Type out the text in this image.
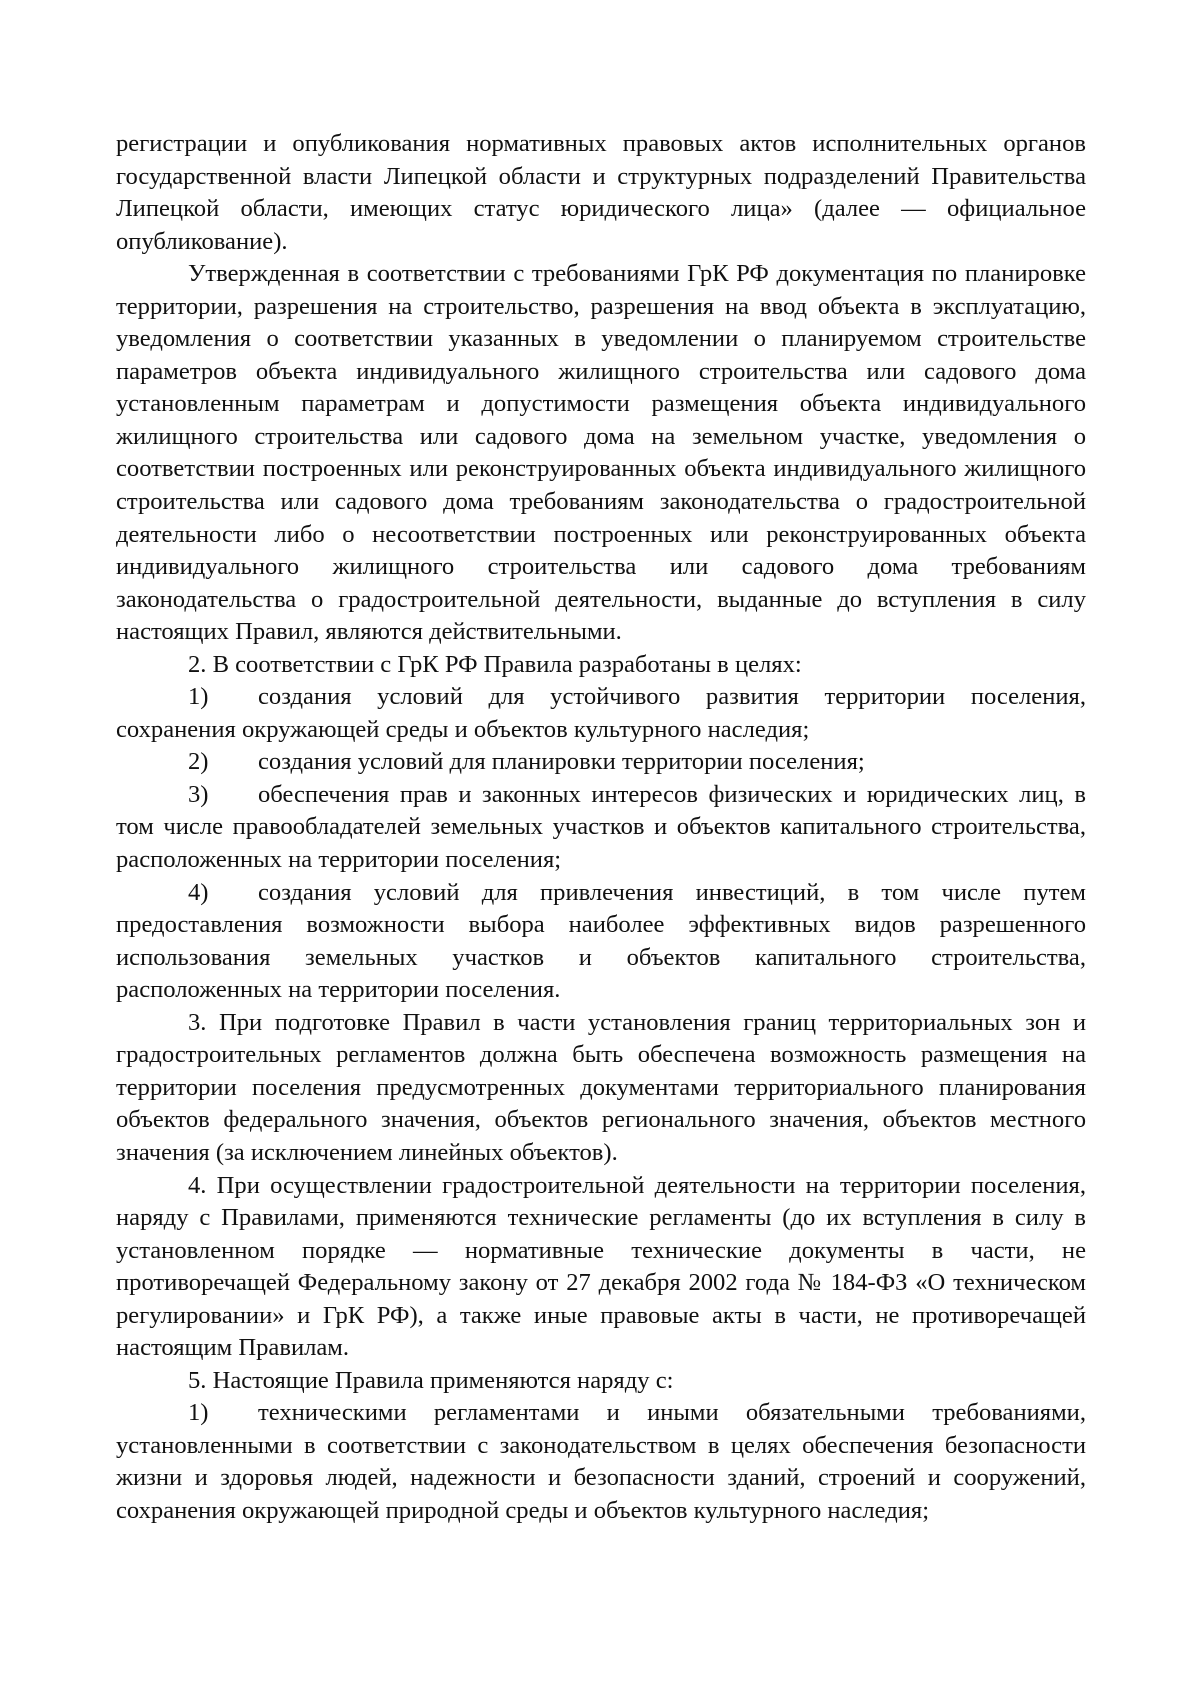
регистрации и опубликования нормативных правовых актов исполнительных органов государственной власти Липецкой области и структурных подразделений Правительства Липецкой области, имеющих статус юридического лица» (далее — официальное опубликование).

Утвержденная в соответствии с требованиями ГрК РФ документация по планировке территории, разрешения на строительство, разрешения на ввод объекта в эксплуатацию, уведомления о соответствии указанных в уведомлении о планируемом строительстве параметров объекта индивидуального жилищного строительства или садового дома установленным параметрам и допустимости размещения объекта индивидуального жилищного строительства или садового дома на земельном участке, уведомления о соответствии построенных или реконструированных объекта индивидуального жилищного строительства или садового дома требованиям законодательства о градостроительной деятельности либо о несоответствии построенных или реконструированных объекта индивидуального жилищного строительства или садового дома требованиям законодательства о градостроительной деятельности, выданные до вступления в силу настоящих Правил, являются действительными.

2. В соответствии с ГрК РФ Правила разработаны в целях:

1) создания условий для устойчивого развития территории поселения, сохранения окружающей среды и объектов культурного наследия;

2) создания условий для планировки территории поселения;

3) обеспечения прав и законных интересов физических и юридических лиц, в том числе правообладателей земельных участков и объектов капитального строительства, расположенных на территории поселения;

4) создания условий для привлечения инвестиций, в том числе путем предоставления возможности выбора наиболее эффективных видов разрешенного использования земельных участков и объектов капитального строительства, расположенных на территории поселения.

3. При подготовке Правил в части установления границ территориальных зон и градостроительных регламентов должна быть обеспечена возможность размещения на территории поселения предусмотренных документами территориального планирования объектов федерального значения, объектов регионального значения, объектов местного значения (за исключением линейных объектов).

4. При осуществлении градостроительной деятельности на территории поселения, наряду с Правилами, применяются технические регламенты (до их вступления в силу в установленном порядке — нормативные технические документы в части, не противоречащей Федеральному закону от 27 декабря 2002 года № 184-ФЗ «О техническом регулировании» и ГрК РФ), а также иные правовые акты в части, не противоречащей настоящим Правилам.

5. Настоящие Правила применяются наряду с:

1) техническими регламентами и иными обязательными требованиями, установленными в соответствии с законодательством в целях обеспечения безопасности жизни и здоровья людей, надежности и безопасности зданий, строений и сооружений, сохранения окружающей природной среды и объектов культурного наследия;
